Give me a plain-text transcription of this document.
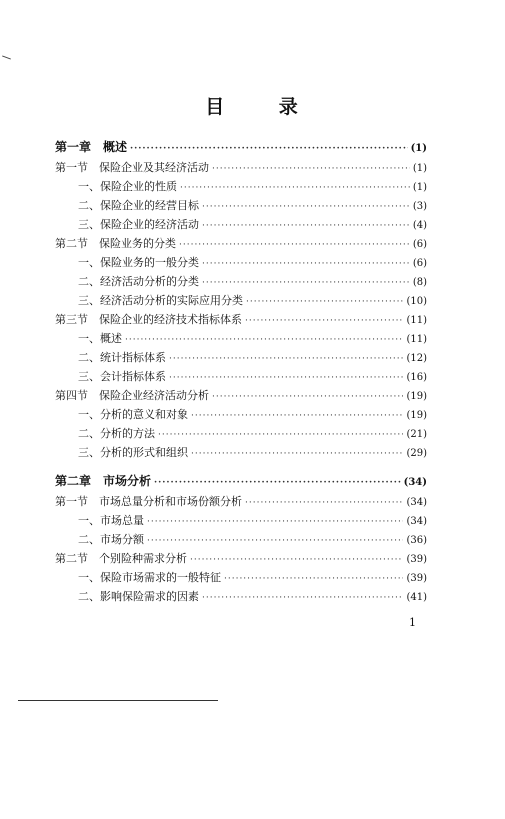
目 录
第一章　概述 ·····	(1)
第一节　保险企业及其经济活动 ·····	(1)
一、保险企业的性质 ·····	(1)
二、保险企业的经营目标 ·····	(3)
三、保险企业的经济活动 ·····	(4)
第二节　保险业务的分类 ·····	(6)
一、保险业务的一般分类 ·····	(6)
二、经济活动分析的分类 ·····	(8)
三、经济活动分析的实际应用分类 ·····	(10)
第三节　保险企业的经济技术指标体系 ·····	(11)
一、概述 ·····	(11)
二、统计指标体系 ·····	(12)
三、会计指标体系 ·····	(16)
第四节　保险企业经济活动分析 ·····	(19)
一、分析的意义和对象 ·····	(19)
二、分析的方法 ·····	(21)
三、分析的形式和组织 ·····	(29)
第二章　市场分析 ·····	(34)
第一节　市场总量分析和市场份额分析 ·····	(34)
一、市场总量 ·····	(34)
二、市场分额 ·····	(36)
第二节　个别险种需求分析 ·····	(39)
一、保险市场需求的一般特征 ·····	(39)
二、影响保险需求的因素 ·····	(41)
1
